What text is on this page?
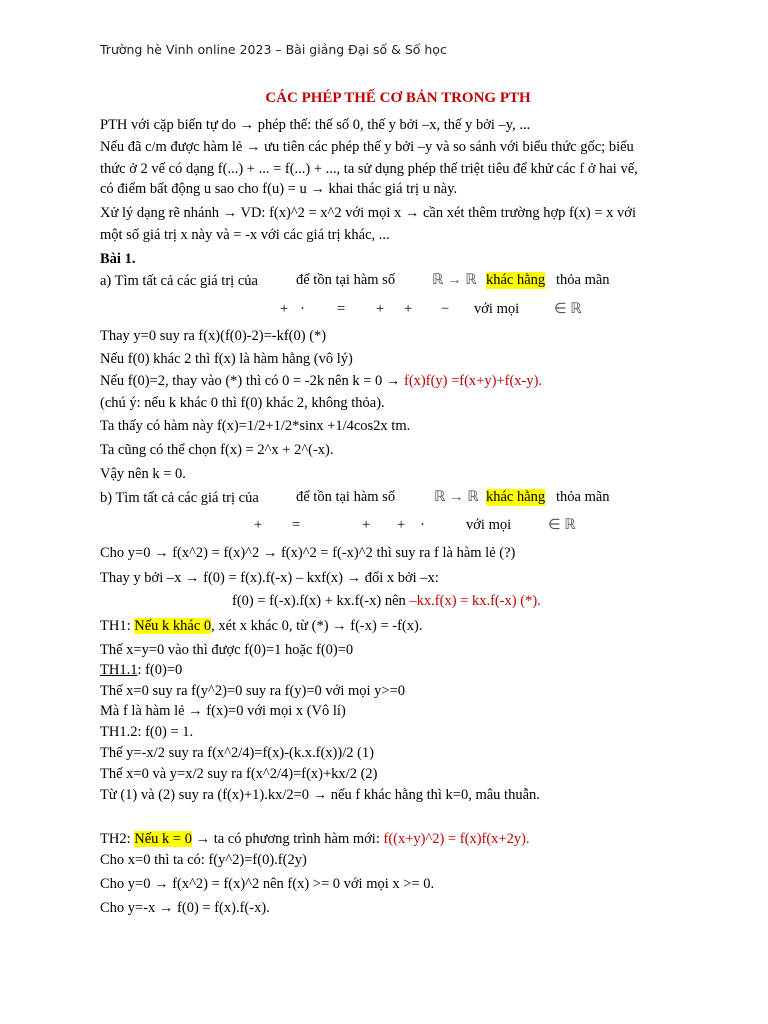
Trường hè Vinh online 2023 – Bài giảng Đại số & Số học
CÁC PHÉP THẾ CƠ BẢN TRONG PTH
PTH với cặp biến tự do → phép thế: thế số 0, thế y bởi –x, thế y bởi –y, ...
Nếu đã c/m được hàm lẻ → ưu tiên các phép thế y bởi –y và so sánh với biểu thức gốc; biểu
thức ở 2 vế có dạng f(...) + ... = f(...) + ..., ta sử dụng phép thế triệt tiêu để khử các f ở hai vế,
có điểm bất động u sao cho f(u) = u → khai thác giá trị u này.
Xử lý dạng rẽ nhánh → VD: f(x)^2 = x^2 với mọi x → cần xét thêm trường hợp f(x) = x với
một số giá trị x này và = -x với các giá trị khác, ...
Bài 1.
a) Tìm tất cả các giá trị của	để tồn tại hàm số	ℝ → ℝ khác hằng thỏa mãn
+ · = + + − với mọi ∈ ℝ
Thay y=0 suy ra f(x)(f(0)-2)=-kf(0) (*)
Nếu f(0) khác 2 thì f(x) là hàm hằng (vô lý)
Nếu f(0)=2, thay vào (*) thì có 0 = -2k nên k = 0 → f(x)f(y) =f(x+y)+f(x-y).
(chú ý: nếu k khác 0 thì f(0) khác 2, không thỏa).
Ta thấy có hàm này f(x)=1/2+1/2*sinx +1/4cos2x tm.
Ta cũng có thể chọn f(x) = 2^x + 2^(-x).
Vậy nên k = 0.
b) Tìm tất cả các giá trị của	để tồn tại hàm số	ℝ → ℝ khác hằng thỏa mãn
+ =	+ + ·	với mọi	∈ ℝ
Cho y=0 → f(x^2) = f(x)^2 → f(x)^2 = f(-x)^2 thì suy ra f là hàm lẻ (?)
Thay y bởi –x → f(0) = f(x).f(-x) – kxf(x) → đổi x bởi –x:
f(0) = f(-x).f(x) + kx.f(-x) nên –kx.f(x) = kx.f(-x) (*).
TH1: Nếu k khác 0, xét x khác 0, từ (*) → f(-x) = -f(x).
Thế x=y=0 vào thì được f(0)=1 hoặc f(0)=0
TH1.1: f(0)=0
Thế x=0 suy ra f(y^2)=0 suy ra f(y)=0 với mọi y>=0
Mà f là hàm lẻ → f(x)=0 với mọi x (Vô lí)
TH1.2: f(0) = 1.
Thế y=-x/2 suy ra f(x^2/4)=f(x)-(k.x.f(x))/2 (1)
Thế x=0 và y=x/2 suy ra f(x^2/4)=f(x)+kx/2 (2)
Từ (1) và (2) suy ra (f(x)+1).kx/2=0 → nếu f khác hằng thì k=0, mâu thuẫn.
TH2: Nếu k = 0 → ta có phương trình hàm mới: f((x+y)^2) = f(x)f(x+2y).
Cho x=0 thì ta có: f(y^2)=f(0).f(2y)
Cho y=0 → f(x^2) = f(x)^2 nên f(x) >= 0 với mọi x >= 0.
Cho y=-x → f(0) = f(x).f(-x).
